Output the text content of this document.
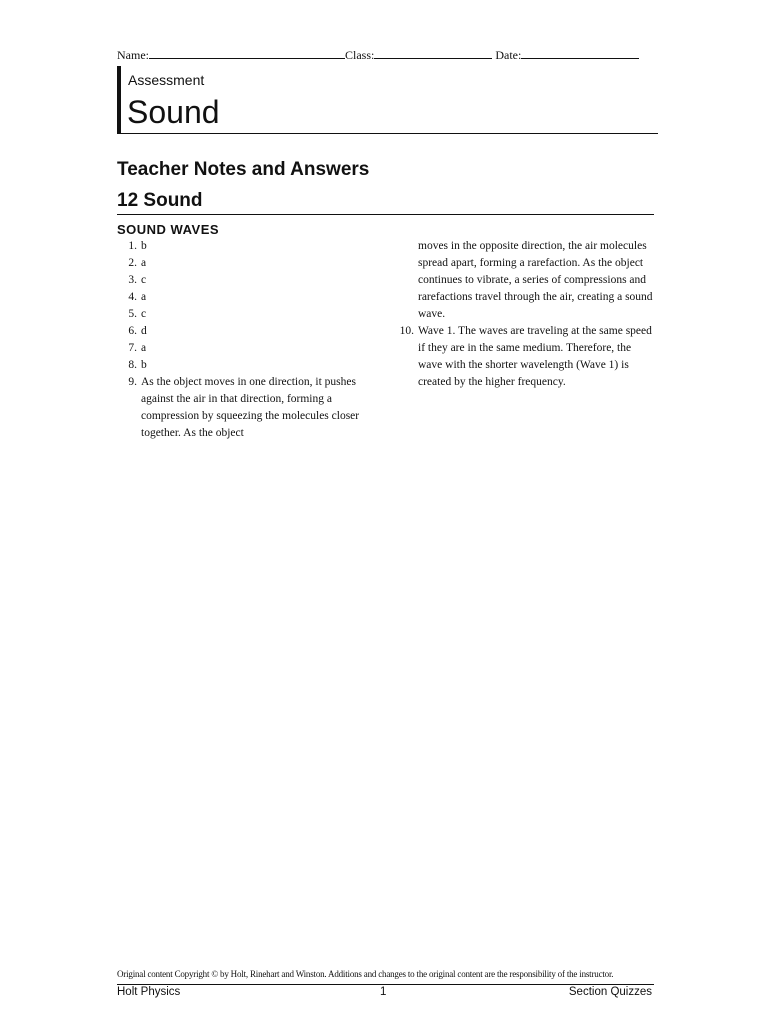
Name:	Class:	Date:
Assessment
Sound
Teacher Notes and Answers
12 Sound
SOUND WAVES
1. b
2. a
3. c
4. a
5. c
6. d
7. a
8. b
9. As the object moves in one direction, it pushes against the air in that direction, forming a compression by squeezing the molecules closer together. As the object
moves in the opposite direction, the air molecules spread apart, forming a rarefaction. As the object continues to vibrate, a series of compressions and rarefactions travel through the air, creating a sound wave.
10. Wave 1. The waves are traveling at the same speed if they are in the same medium. Therefore, the wave with the shorter wavelength (Wave 1) is created by the higher frequency.
Original content Copyright © by Holt, Rinehart and Winston. Additions and changes to the original content are the responsibility of the instructor.
Holt Physics	1	Section Quizzes
